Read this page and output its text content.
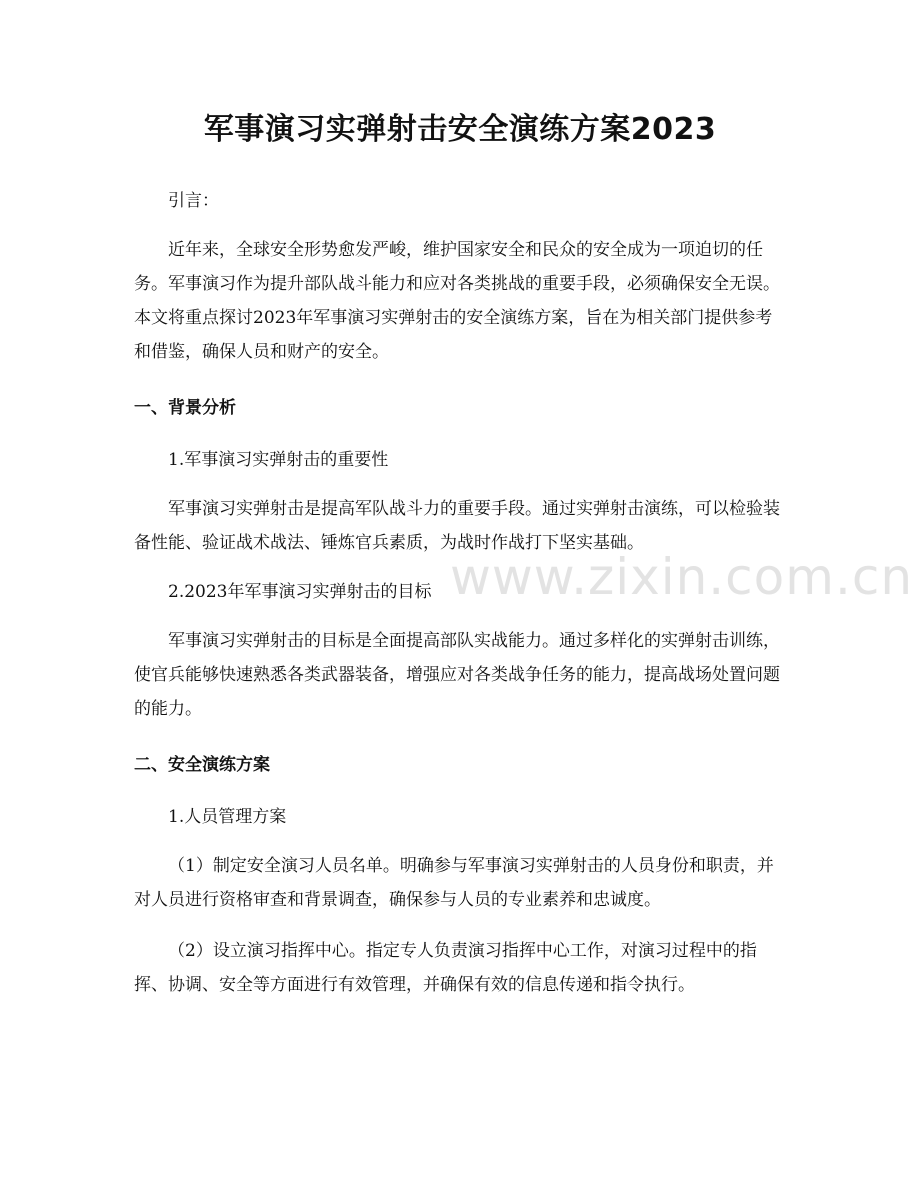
军事演习实弹射击安全演练方案2023
引言：

近年来，全球安全形势愈发严峻，维护国家安全和民众的安全成为一项迫切的任务。军事演习作为提升部队战斗能力和应对各类挑战的重要手段，必须确保安全无误。本文将重点探讨2023年军事演习实弹射击的安全演练方案，旨在为相关部门提供参考和借鉴，确保人员和财产的安全。

一、背景分析
1.军事演习实弹射击的重要性

军事演习实弹射击是提高军队战斗力的重要手段。通过实弹射击演练，可以检验装备性能、验证战术战法、锤炼官兵素质，为战时作战打下坚实基础。

2.2023年军事演习实弹射击的目标

军事演习实弹射击的目标是全面提高部队实战能力。通过多样化的实弹射击训练，使官兵能够快速熟悉各类武器装备，增强应对各类战争任务的能力，提高战场处置问题的能力。

二、安全演练方案
1.人员管理方案

（1）制定安全演习人员名单。明确参与军事演习实弹射击的人员身份和职责，并对人员进行资格审查和背景调查，确保参与人员的专业素养和忠诚度。

（2）设立演习指挥中心。指定专人负责演习指挥中心工作，对演习过程中的指挥、协调、安全等方面进行有效管理，并确保有效的信息传递和指令执行。

www.zixin.com.cn
